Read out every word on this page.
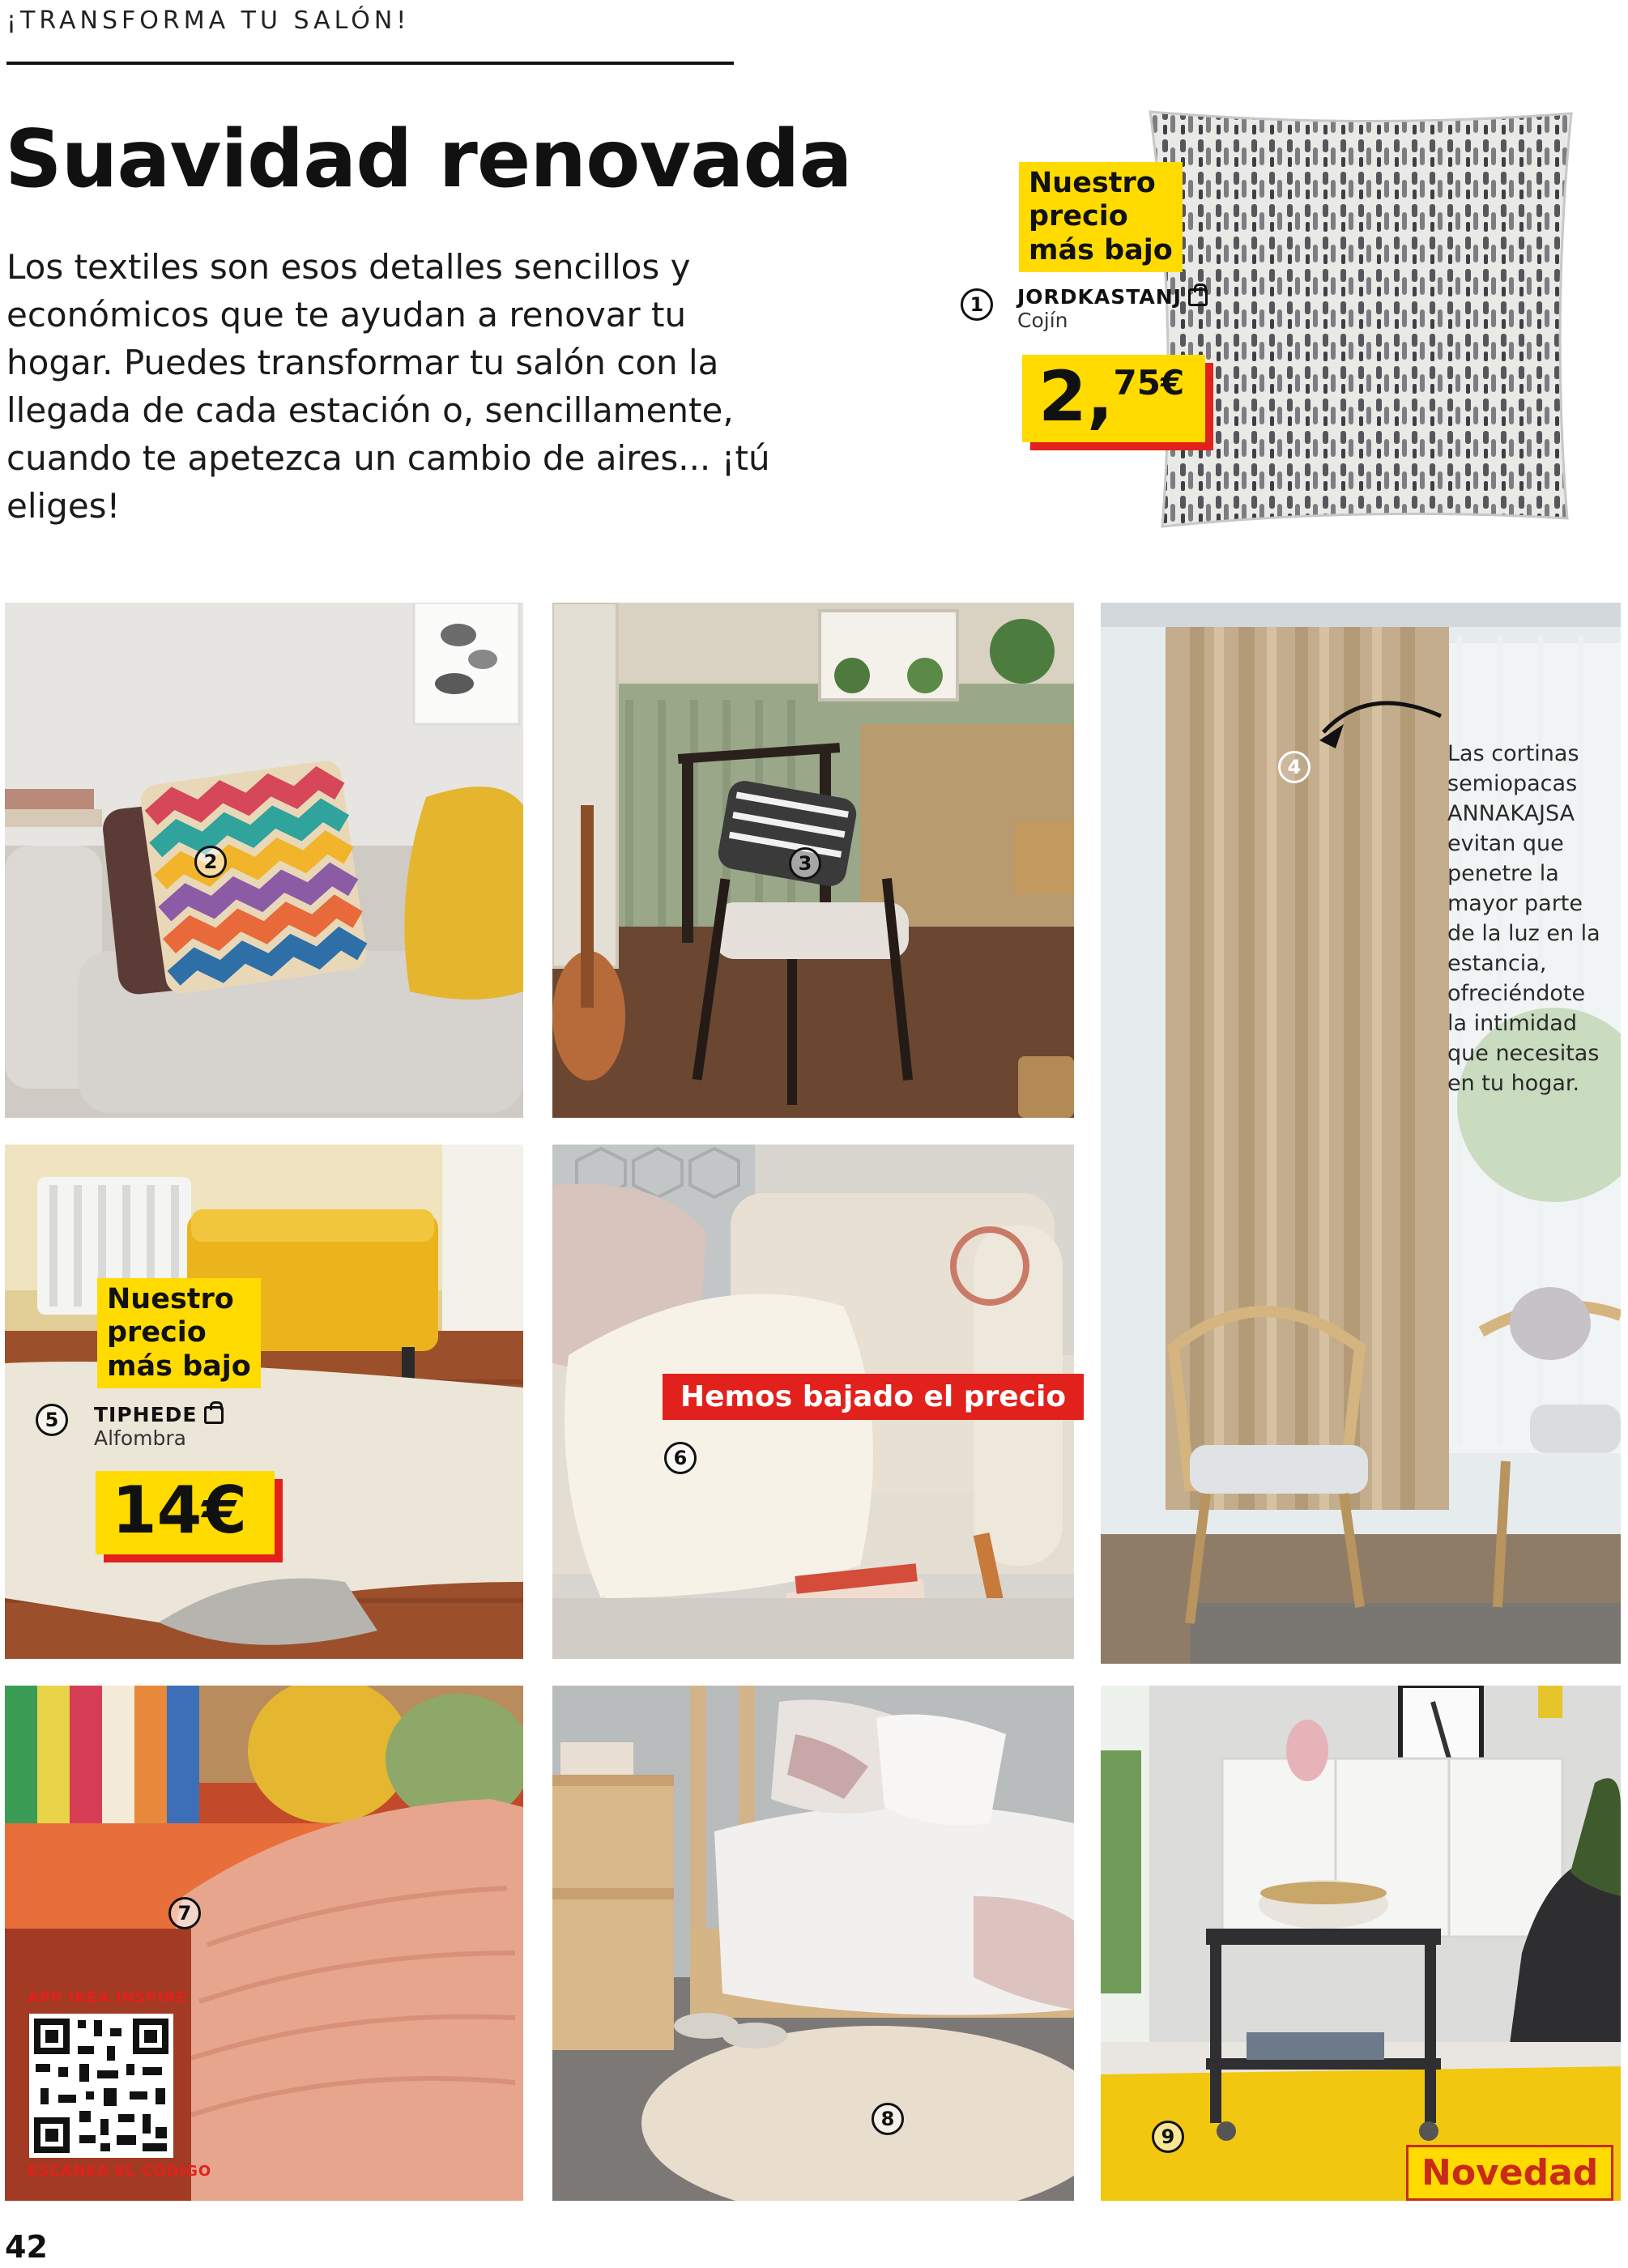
¡TRANSFORMA TU SALÓN!
Suavidad renovada
Los textiles son esos detalles sencillos y económicos que te ayudan a renovar tu hogar. Puedes transformar tu salón con la llegada de cada estación o, sencillamente, cuando te apetezca un cambio de aires... ¡tú eliges!
Nuestro
precio
más bajo
1	JORDKASTANJ
Cojín
2,75€
2	3
4
Las cortinas semiopacas ANNAKAJSA evitan que penetre la mayor parte de la luz en la estancia, ofreciéndote la intimidad que necesitas en tu hogar.
Nuestro
precio
más bajo
5	TIPHEDE
Alfombra
14€
Hemos bajado el precio
6
7
APP IKEA INSPIRE
ESCANEA EL CÓDIGO
8
9
Novedad
42
